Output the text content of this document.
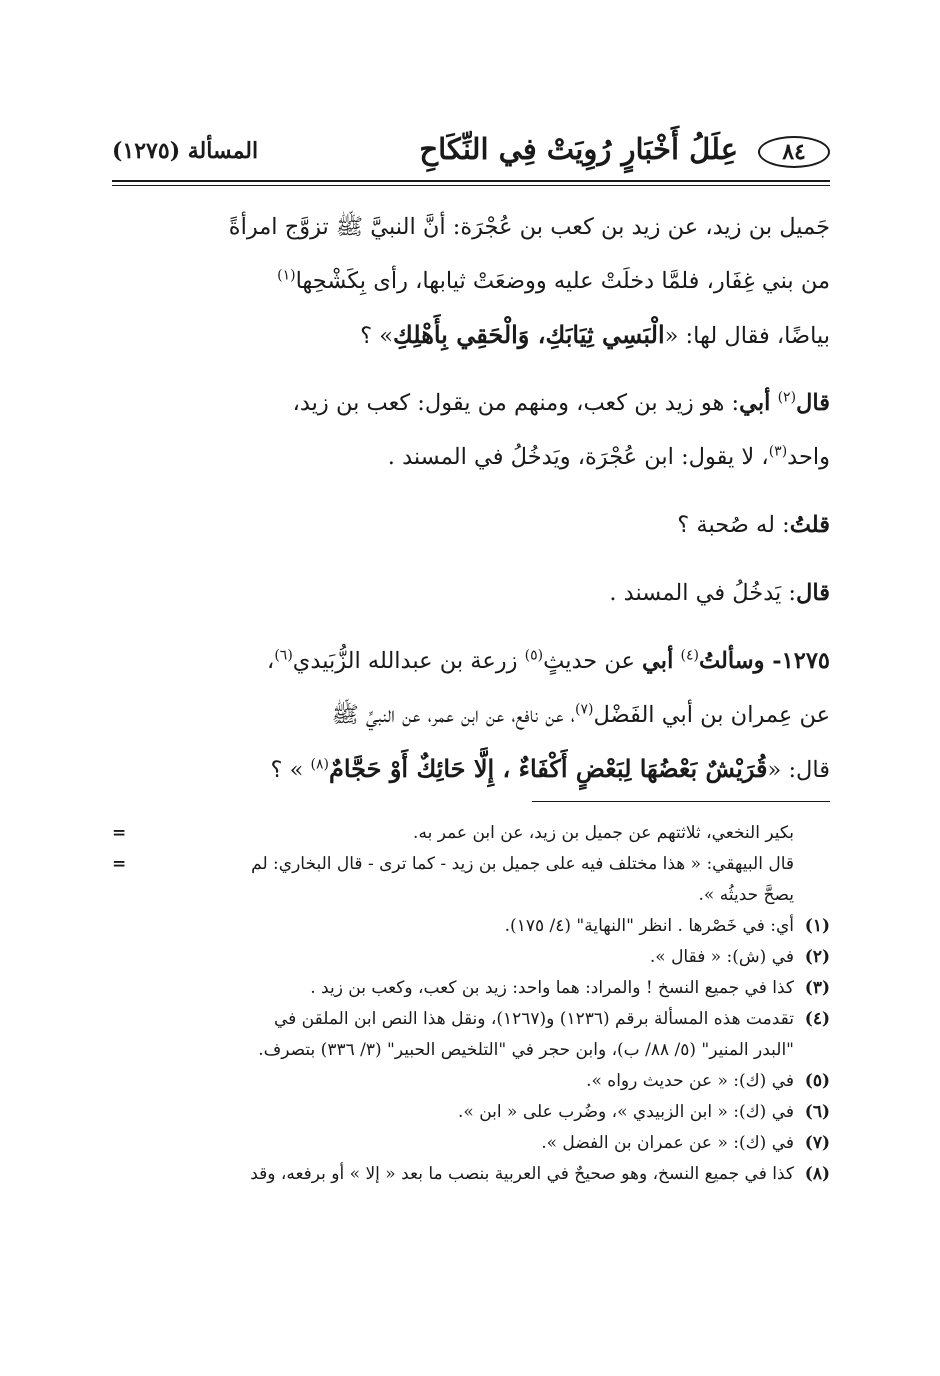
٨٤
عِلَلُ أَخْبَارٍ رُوِيَتْ فِي النِّكَاحِ
المسألة (١٢٧٥)
جَميل بن زيد، عن زيد بن كعب بن عُجْرَة: أنَّ النبيَّ ﷺ تزوَّج امرأةً
من بني غِفَار، فلمَّا دخلَتْ عليه ووضعَتْ ثيابها، رأى بِكَشْحِها$^{(١)}$
بياضًا، فقال لها: «الْبَسِي ثِيَابَكِ، وَالْحَقِي بِأَهْلِكِ» ؟
قال$^{(٢)}$ أبي: هو زيد بن كعب، ومنهم من يقول: كعب بن زيد،
واحد$^{(٣)}$، لا يقول: ابن عُجْرَة، ويَدخُلُ في المسند .
قلتُ: له صُحبة ؟
قال: يَدخُلُ في المسند .
١٢٧٥- وسألتُ$^{(٤)}$ أبي عن حديثٍ$^{(٥)}$ زرعة بن عبدالله الزُّبَيدي$^{(٦)}$،
عن عِمران بن أبي الفَضْل$^{(٧)}$، عن نافع، عن ابن عمر، عن النبيِّ ﷺ
قال: «قُرَيْشٌ بَعْضُهَا لِبَعْضٍ أَكْفَاءٌ ، إِلَّا حَائِكٌ أَوْ حَجَّامٌ$^{(٨)}$ » ؟
بكير النخعي، ثلاثتهم عن جميل بن زيد، عن ابن عمر به.
=
قال البيهقي: « هذا مختلف فيه على جميل بن زيد - كما ترى - قال البخاري: لم
=
يصحَّ حديثُه ».
(١)أي: في خَصْرها . انظر "النهاية" (٤/ ١٧٥).
(٢)في (ش): « فقال ».
(٣)كذا في جميع النسخ ! والمراد: هما واحد: زيد بن كعب، وكعب بن زيد .
(٤)تقدمت هذه المسألة برقم (١٢٣٦) و(١٢٦٧)، ونقل هذا النص ابن الملقن في
"البدر المنير" (٥/ ٨٨/ ب)، وابن حجر في "التلخيص الحبير" (٣/ ٣٣٦) بتصرف.
(٥)في (ك): « عن حديث رواه ».
(٦)في (ك): « ابن الزبيدي »، وضُرب على « ابن ».
(٧)في (ك): « عن عمران بن الفضل ».
(٨)كذا في جميع النسخ، وهو صحيحٌ في العربية بنصب ما بعد « إلا » أو برفعه، وقد
